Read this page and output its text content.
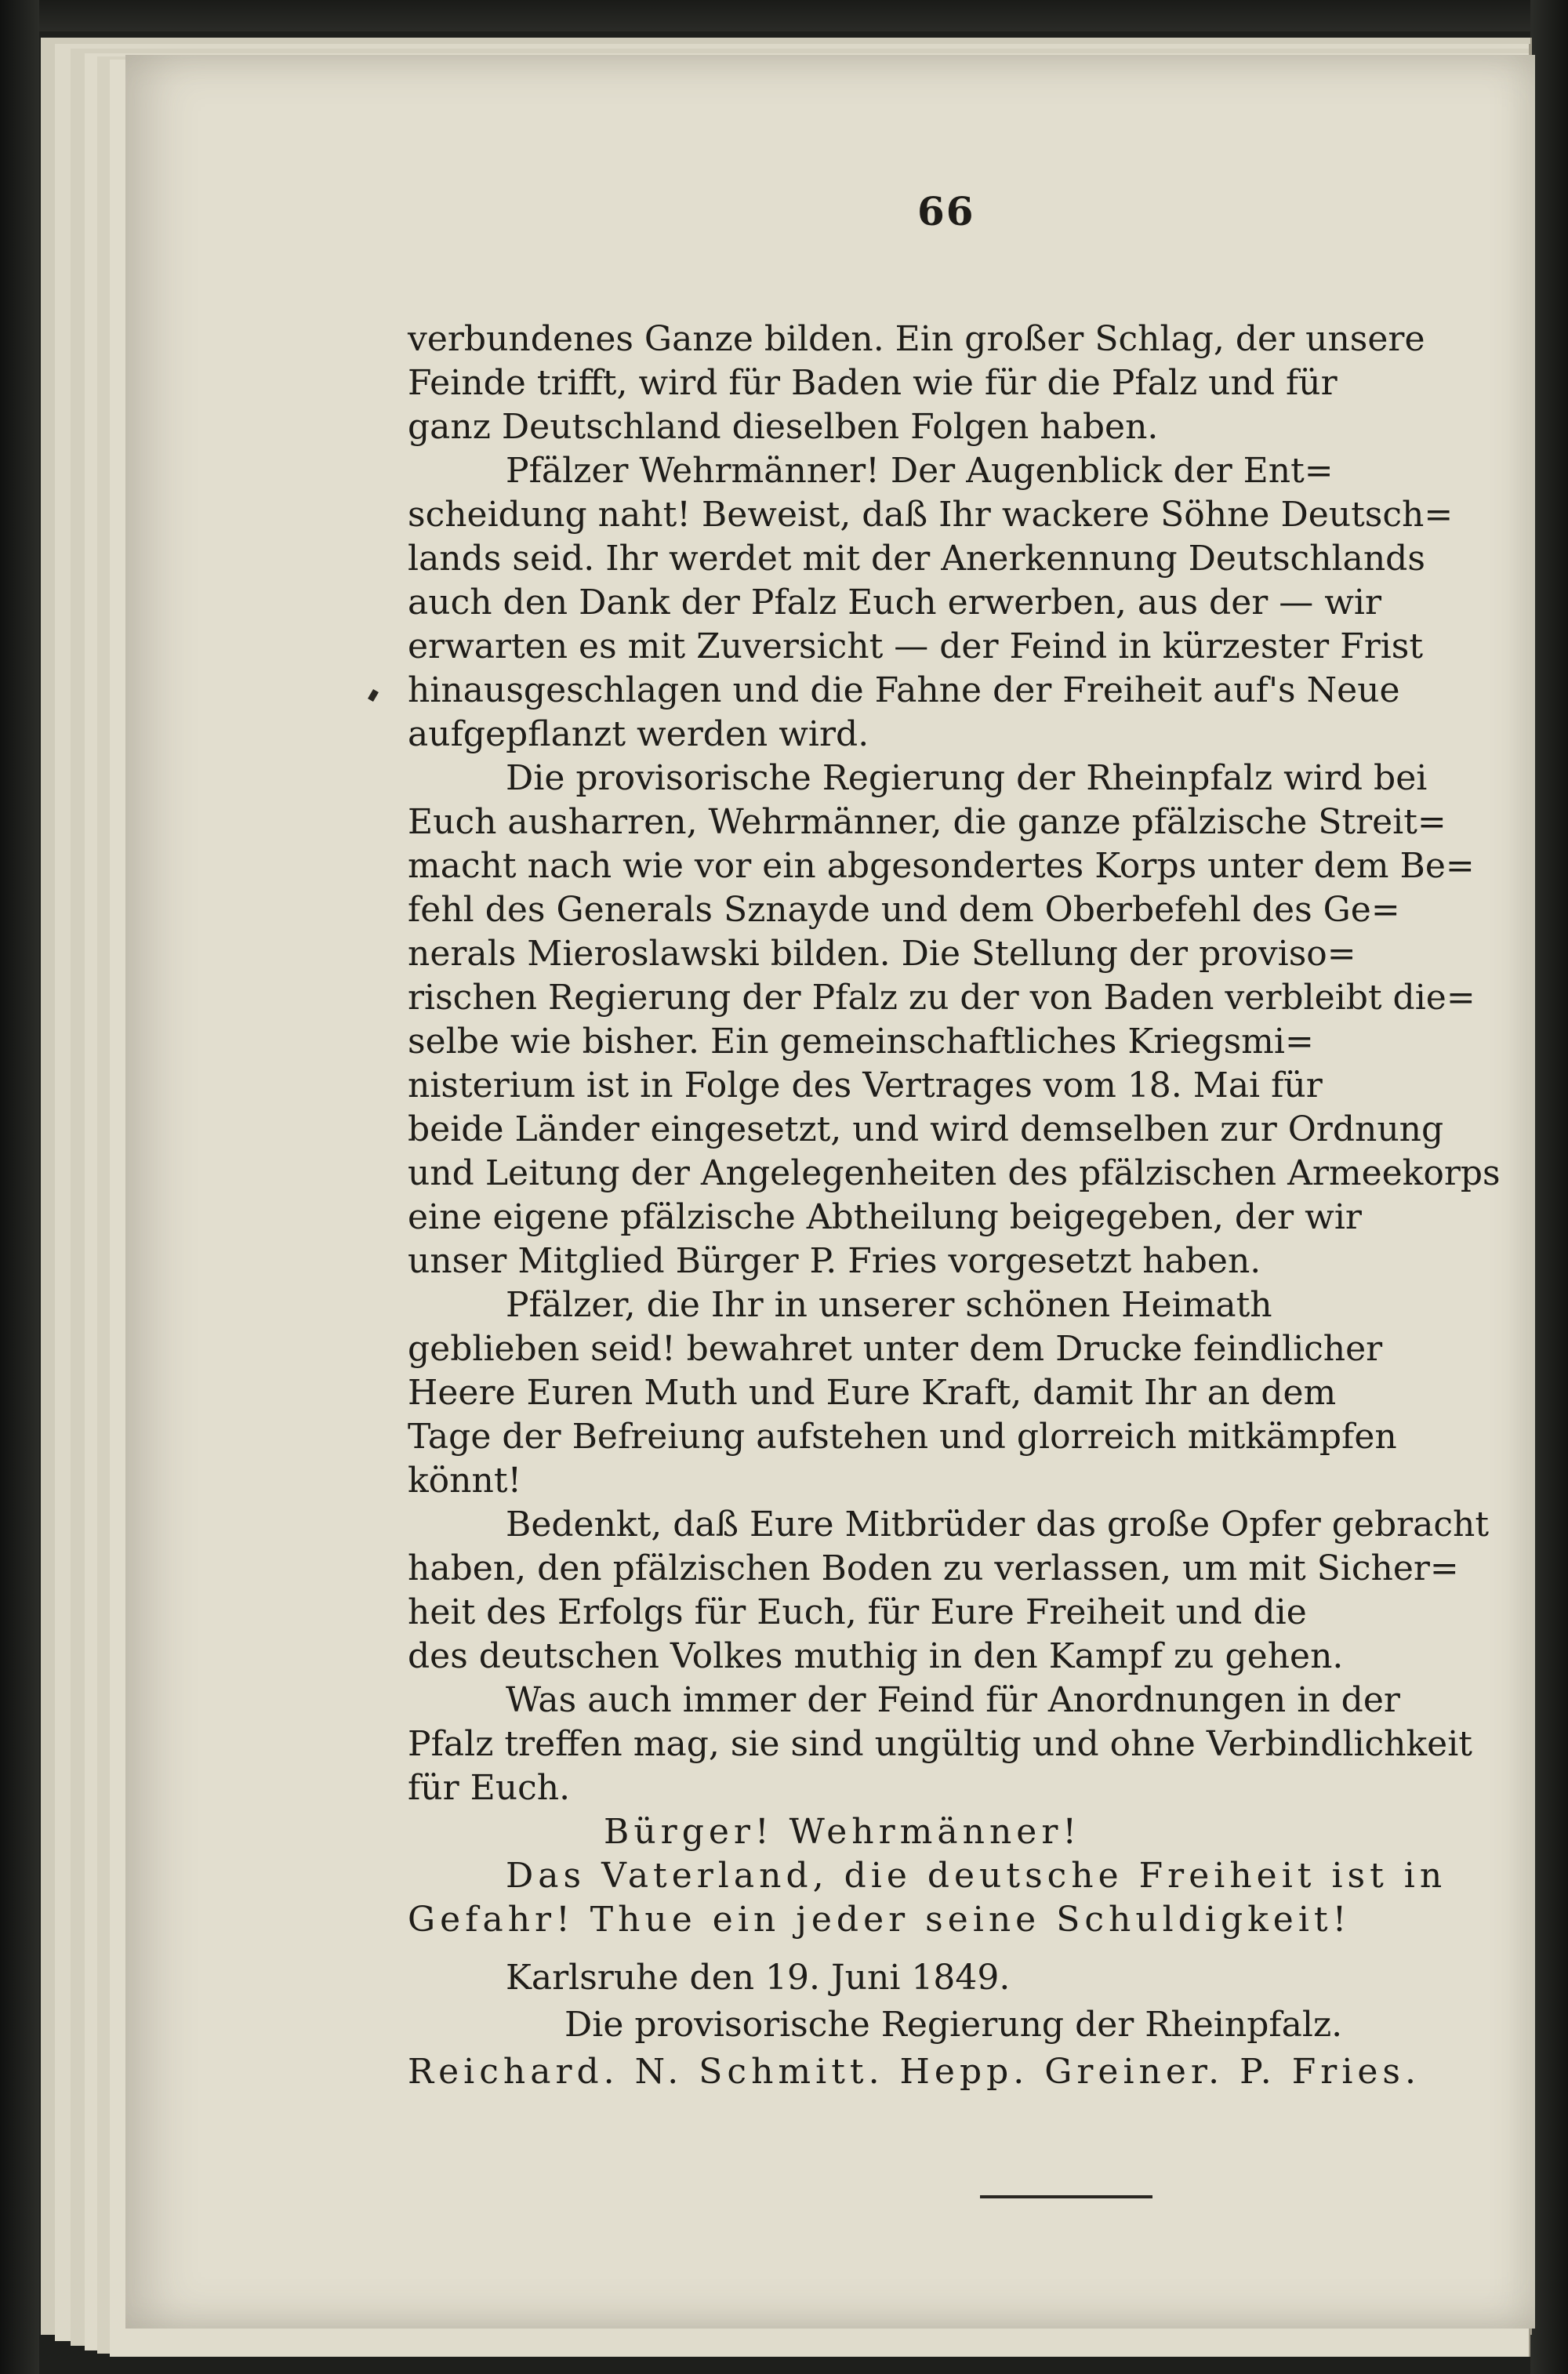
66
verbundenes Ganze bilden. Ein großer Schlag, der unsere
Feinde trifft, wird für Baden wie für die Pfalz und für
ganz Deutschland dieselben Folgen haben.
Pfälzer Wehrmänner! Der Augenblick der Ent=
scheidung naht! Beweist, daß Ihr wackere Söhne Deutsch=
lands seid. Ihr werdet mit der Anerkennung Deutschlands
auch den Dank der Pfalz Euch erwerben, aus der — wir
erwarten es mit Zuversicht — der Feind in kürzester Frist
hinausgeschlagen und die Fahne der Freiheit auf's Neue
aufgepflanzt werden wird.
Die provisorische Regierung der Rheinpfalz wird bei
Euch ausharren, Wehrmänner, die ganze pfälzische Streit=
macht nach wie vor ein abgesondertes Korps unter dem Be=
fehl des Generals Sznayde und dem Oberbefehl des Ge=
nerals Mieroslawski bilden. Die Stellung der proviso=
rischen Regierung der Pfalz zu der von Baden verbleibt die=
selbe wie bisher. Ein gemeinschaftliches Kriegsmi=
nisterium ist in Folge des Vertrages vom 18. Mai für
beide Länder eingesetzt, und wird demselben zur Ordnung
und Leitung der Angelegenheiten des pfälzischen Armeekorps
eine eigene pfälzische Abtheilung beigegeben, der wir
unser Mitglied Bürger P. Fries vorgesetzt haben.
Pfälzer, die Ihr in unserer schönen Heimath
geblieben seid! bewahret unter dem Drucke feindlicher
Heere Euren Muth und Eure Kraft, damit Ihr an dem
Tage der Befreiung aufstehen und glorreich mitkämpfen
könnt!
Bedenkt, daß Eure Mitbrüder das große Opfer gebracht
haben, den pfälzischen Boden zu verlassen, um mit Sicher=
heit des Erfolgs für Euch, für Eure Freiheit und die
des deutschen Volkes muthig in den Kampf zu gehen.
Was auch immer der Feind für Anordnungen in der
Pfalz treffen mag, sie sind ungültig und ohne Verbindlichkeit
für Euch.
Bürger! Wehrmänner!
Das Vaterland, die deutsche Freiheit ist in
Gefahr! Thue ein jeder seine Schuldigkeit!
Karlsruhe den 19. Juni 1849.
Die provisorische Regierung der Rheinpfalz.
Reichard. N. Schmitt. Hepp. Greiner. P. Fries.
